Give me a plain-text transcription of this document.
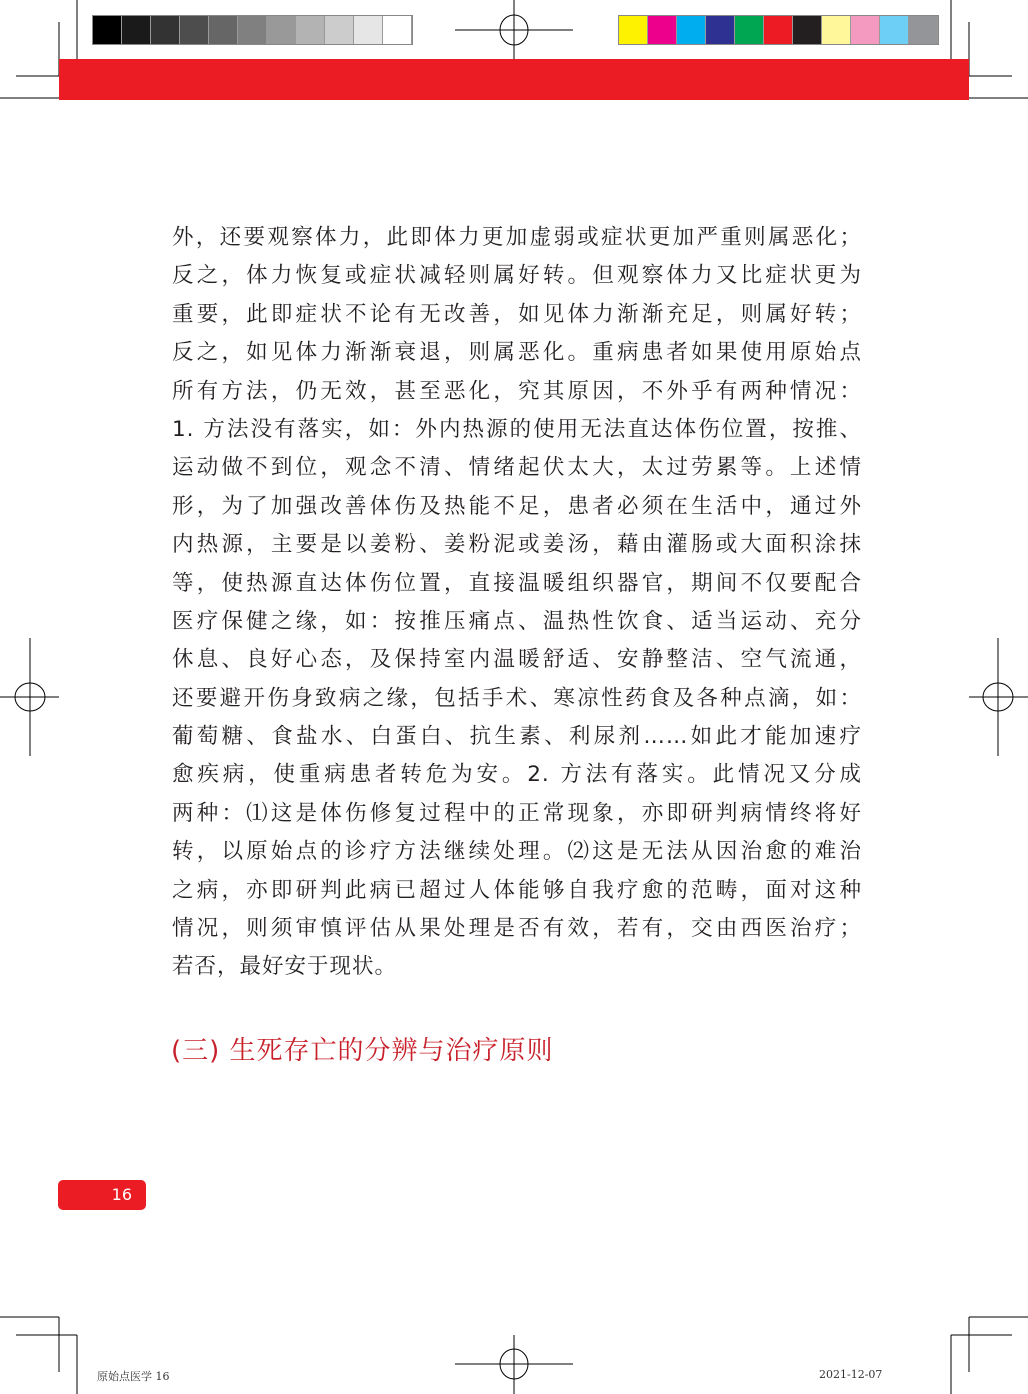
外，还要观察体力，此即体力更加虚弱或症状更加严重则属恶化；
反之，体力恢复或症状减轻则属好转。但观察体力又比症状更为
重要，此即症状不论有无改善，如见体力渐渐充足，则属好转；
反之，如见体力渐渐衰退，则属恶化。重病患者如果使用原始点
所有方法，仍无效，甚至恶化，究其原因，不外乎有两种情况：
1. 方法没有落实，如：外内热源的使用无法直达体伤位置，按推、
运动做不到位，观念不清、情绪起伏太大，太过劳累等。上述情
形，为了加强改善体伤及热能不足，患者必须在生活中，通过外
内热源，主要是以姜粉、姜粉泥或姜汤，藉由灌肠或大面积涂抹
等，使热源直达体伤位置，直接温暖组织器官，期间不仅要配合
医疗保健之缘，如：按推压痛点、温热性饮食、适当运动、充分
休息、良好心态，及保持室内温暖舒适、安静整洁、空气流通，
还要避开伤身致病之缘，包括手术、寒凉性药食及各种点滴，如：
葡萄糖、食盐水、白蛋白、抗生素、利尿剂……如此才能加速疗
愈疾病，使重病患者转危为安。2. 方法有落实。此情况又分成
两种：⑴这是体伤修复过程中的正常现象，亦即研判病情终将好
转，以原始点的诊疗方法继续处理。⑵这是无法从因治愈的难治
之病，亦即研判此病已超过人体能够自我疗愈的范畴，面对这种
情况，则须审慎评估从果处理是否有效，若有，交由西医治疗；
若否，最好安于现状。
(三) 生死存亡的分辨与治疗原则
16
原始点医学 16	2021-12-07
